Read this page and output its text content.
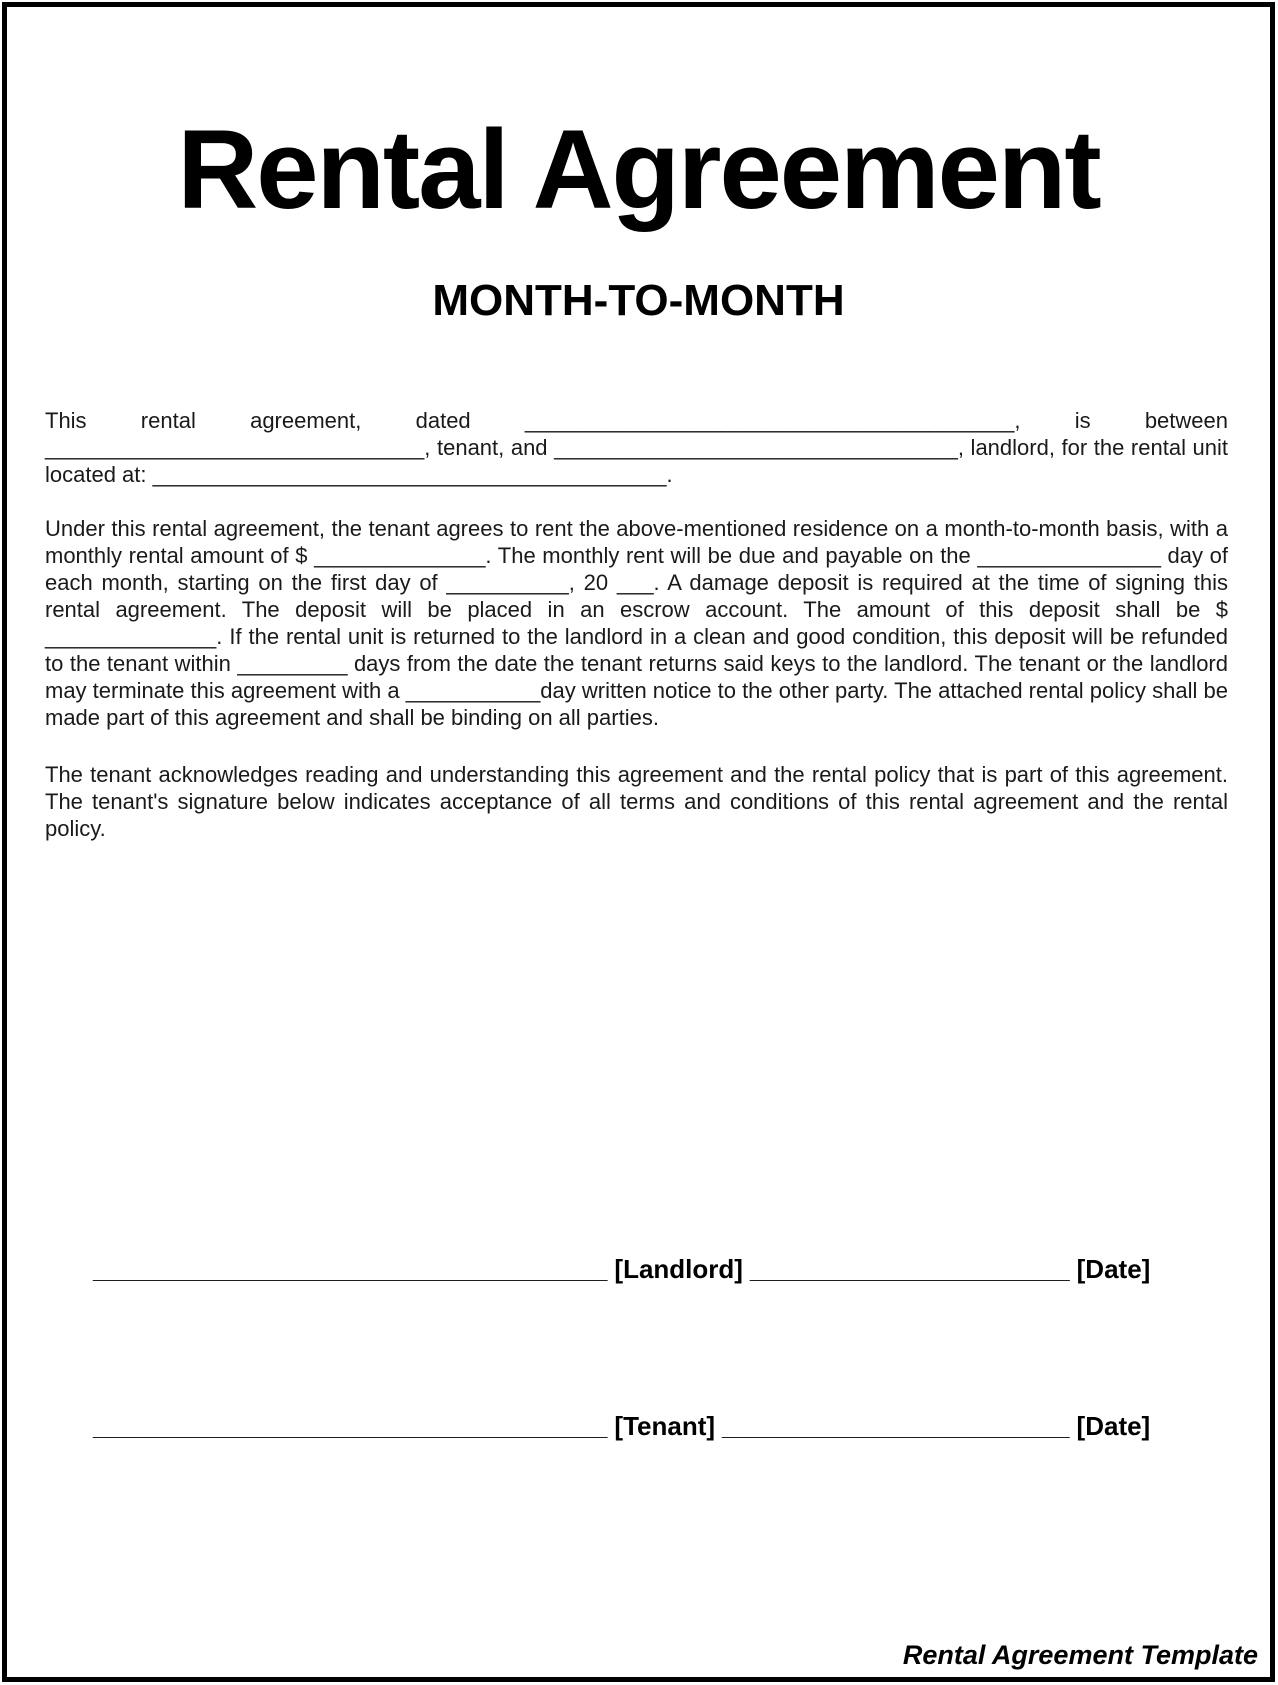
Rental Agreement
MONTH-TO-MONTH

This rental agreement, dated ________________________________________, is between _______________________________, tenant, and _________________________________, landlord, for the rental unit located at: __________________________________________.

Under this rental agreement, the tenant agrees to rent the above-mentioned residence on a month-to-month basis, with a monthly rental amount of $ ______________. The monthly rent will be due and payable on the _______________ day of each month, starting on the first day of __________, 20 ___. A damage deposit is required at the time of signing this rental agreement. The deposit will be placed in an escrow account. The amount of this deposit shall be $ ______________. If the rental unit is returned to the landlord in a clean and good condition, this deposit will be refunded to the tenant within _________ days from the date the tenant returns said keys to the landlord. The tenant or the landlord may terminate this agreement with a ___________day written notice to the other party. The attached rental policy shall be made part of this agreement and shall be binding on all parties.

The tenant acknowledges reading and understanding this agreement and the rental policy that is part of this agreement. The tenant's signature below indicates acceptance of all terms and conditions of this rental agreement and the rental policy.

_____________________________________ [Landlord] _______________________ [Date]
_____________________________________ [Tenant] _________________________ [Date]
Rental Agreement Template
